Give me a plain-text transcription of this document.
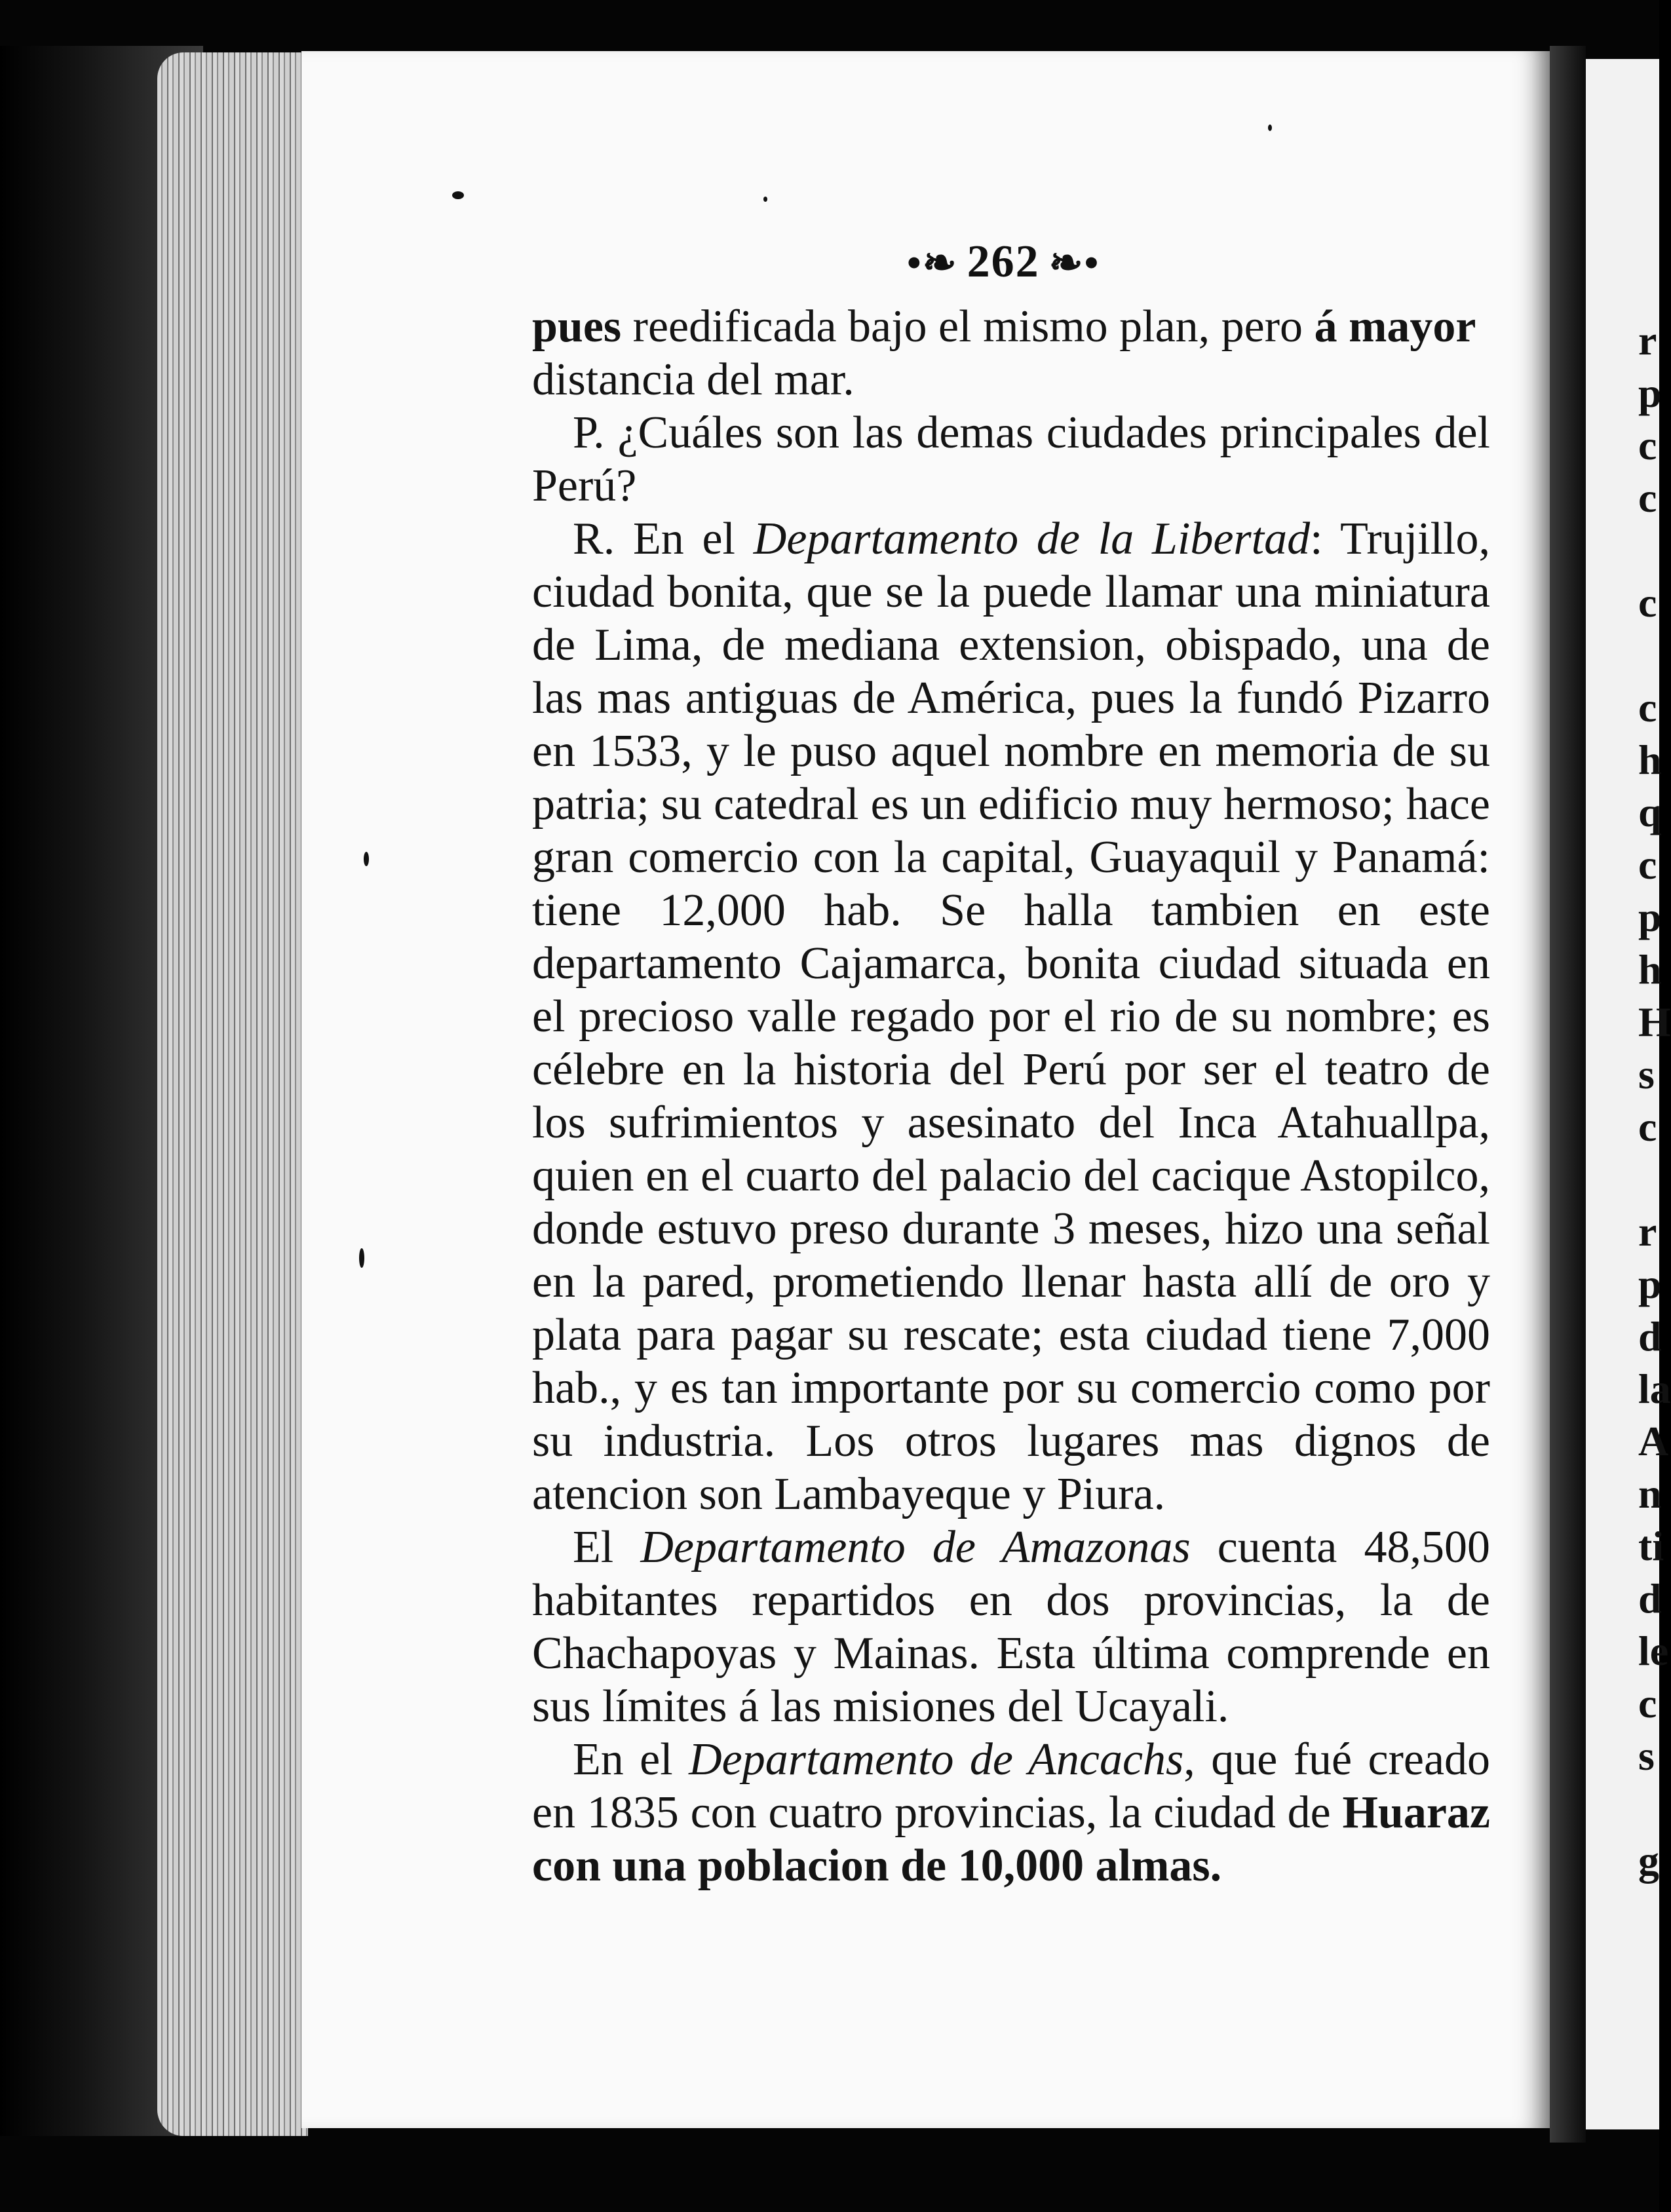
r
p
c
c

c

c
h
q
c
p
h
H
s
c

r
p
d
la
A
n
ti
d
le
c
s

g
•❧ 262 ❧•

pues reedificada bajo el mismo plan, pero á mayor
distancia del mar.

P. ¿Cuáles son las demas ciudades principales del Perú?

R. En el Departamento de la Libertad: Trujillo, ciudad bonita, que se la puede llamar una miniatura de Lima, de mediana extension, obispado, una de las mas antiguas de América, pues la fundó Pizarro en 1533, y le puso aquel nombre en memoria de su patria; su catedral es un edificio muy hermoso; hace gran comercio con la capital, Guayaquil y Panamá: tiene 12,000 hab. Se halla tambien en este departamento Cajamarca, bonita ciudad situada en el precioso valle regado por el rio de su nombre; es célebre en la historia del Perú por ser el teatro de los sufrimientos y asesinato del Inca Atahuallpa, quien en el cuarto del palacio del cacique Astopilco, donde estuvo preso durante 3 meses, hizo una señal en la pared, prometiendo llenar hasta allí de oro y plata para pagar su rescate; esta ciudad tiene 7,000 hab., y es tan importante por su comercio como por su industria. Los otros lugares mas dignos de atencion son Lambayeque y Piura.

El Departamento de Amazonas cuenta 48,500 habitantes repartidos en dos provincias, la de Chachapoyas y Mainas. Esta última comprende en sus límites á las misiones del Ucayali.

En el Departamento de Ancachs, que fué creado en 1835 con cuatro provincias, la ciudad de Huaraz con una poblacion de 10,000 almas.
